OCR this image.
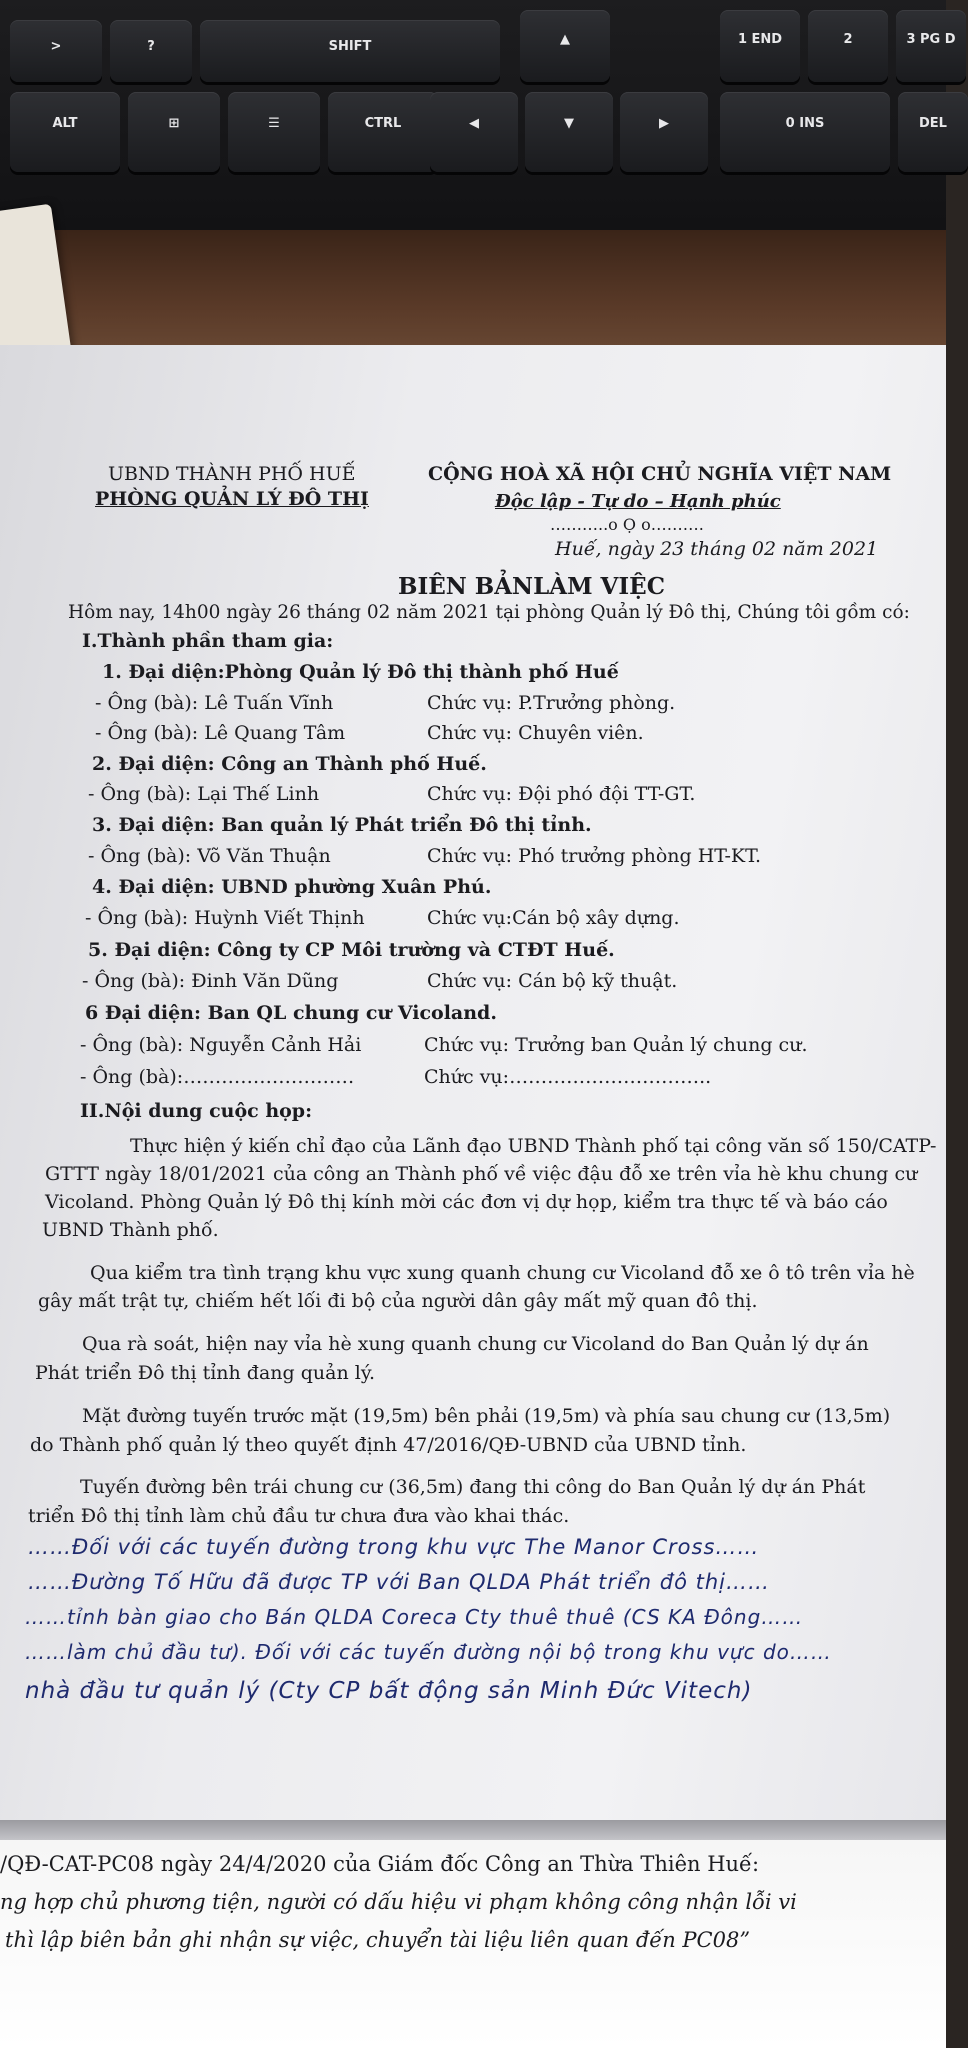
>	?	SHIFT
ALT	⊞	☰	CTRL
▲
◀	▼	▶
1 END	2	3 PG D
0 INS	DEL
UBND THÀNH PHỐ HUẾ
PHÒNG QUẢN LÝ ĐÔ THỊ
CỘNG HOÀ XÃ HỘI CHỦ NGHĨA VIỆT NAM
Độc lập - Tự do – Hạnh phúc
………..o Ọ o……….
Huế, ngày 23 tháng 02 năm 2021
BIÊN BẢNLÀM VIỆC
Hôm nay, 14h00 ngày 26 tháng 02 năm 2021 tại phòng Quản lý Đô thị, Chúng tôi gồm có:
I.Thành phần tham gia:
1. Đại diện:Phòng Quản lý Đô thị thành phố Huế
- Ông (bà): Lê Tuấn Vĩnh	Chức vụ: P.Trưởng phòng.
- Ông (bà): Lê Quang Tâm	Chức vụ: Chuyên viên.
2. Đại diện: Công an Thành phố Huế.
- Ông (bà): Lại Thế Linh	Chức vụ: Đội phó đội TT-GT.
3. Đại diện: Ban quản lý Phát triển Đô thị tỉnh.
- Ông (bà): Võ Văn Thuận	Chức vụ: Phó trưởng phòng HT-KT.
4. Đại diện: UBND phường Xuân Phú.
- Ông (bà): Huỳnh Viết Thịnh	Chức vụ:Cán bộ xây dựng.
5. Đại diện: Công ty CP Môi trường và CTĐT Huế.
- Ông (bà): Đinh Văn Dũng	Chức vụ: Cán bộ kỹ thuật.
6 Đại diện: Ban QL chung cư Vicoland.
- Ông (bà): Nguyễn Cảnh Hải	Chức vụ: Trưởng ban Quản lý chung cư.
- Ông (bà):………………………	Chức vụ:…………………………..
II.Nội dung cuộc họp:
Thực hiện ý kiến chỉ đạo của Lãnh đạo UBND Thành phố tại công văn số 150/CATP-
GTTT ngày 18/01/2021 của công an Thành phố về việc đậu đỗ xe trên vỉa hè khu chung cư
Vicoland. Phòng Quản lý Đô thị kính mời các đơn vị dự họp, kiểm tra thực tế và báo cáo
UBND Thành phố.
Qua kiểm tra tình trạng khu vực xung quanh chung cư Vicoland đỗ xe ô tô trên vỉa hè
gây mất trật tự, chiếm hết lối đi bộ của người dân gây mất mỹ quan đô thị.
Qua rà soát, hiện nay vỉa hè xung quanh chung cư Vicoland do Ban Quản lý dự án
Phát triển Đô thị tỉnh đang quản lý.
Mặt đường tuyến trước mặt (19,5m) bên phải (19,5m) và phía sau chung cư (13,5m)
do Thành phố quản lý theo quyết định 47/2016/QĐ-UBND của UBND tỉnh.
Tuyến đường bên trái chung cư (36,5m) đang thi công do Ban Quản lý dự án Phát
triển Đô thị tỉnh làm chủ đầu tư chưa đưa vào khai thác.
……Đối với các tuyến đường trong khu vực The Manor Cross……
……Đường Tố Hữu đã được TP với Ban QLDA Phát triển đô thị……
……tỉnh bàn giao cho Bán QLDA Coreca Cty thuê thuê (CS KA Đông……
……làm chủ đầu tư). Đối với các tuyến đường nội bộ trong khu vực do……
nhà đầu tư quản lý (Cty CP bất động sản Minh Đức Vitech)
/QĐ-CAT-PC08 ngày 24/4/2020 của Giám đốc Công an Thừa Thiên Huế:
ng hợp chủ phương tiện, người có dấu hiệu vi phạm không công nhận lỗi vi
thì lập biên bản ghi nhận sự việc, chuyển tài liệu liên quan đến PC08”
